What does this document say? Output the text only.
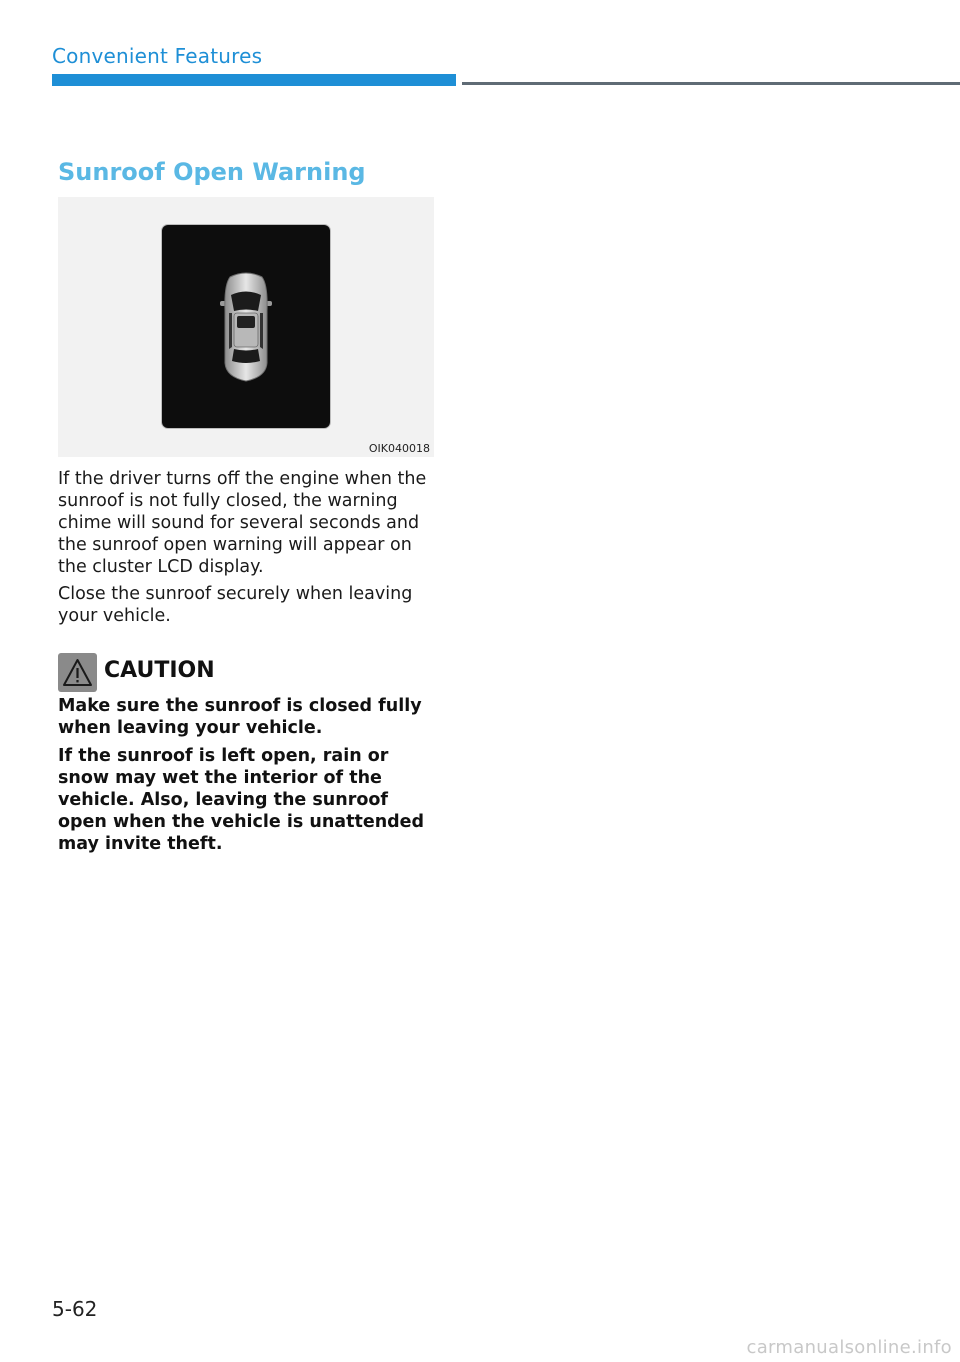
Convenient Features
Sunroof Open Warning
OIK040018

If the driver turns off the engine when the sunroof is not fully closed, the warning chime will sound for several seconds and the sunroof open warning will appear on the cluster LCD display.

Close the sunroof securely when leaving your vehicle.

CAUTION

Make sure the sunroof is closed fully when leaving your vehicle.

If the sunroof is left open, rain or snow may wet the interior of the vehicle. Also, leaving the sunroof open when the vehicle is unattended may invite theft.

5-62
carmanualsonline.info
